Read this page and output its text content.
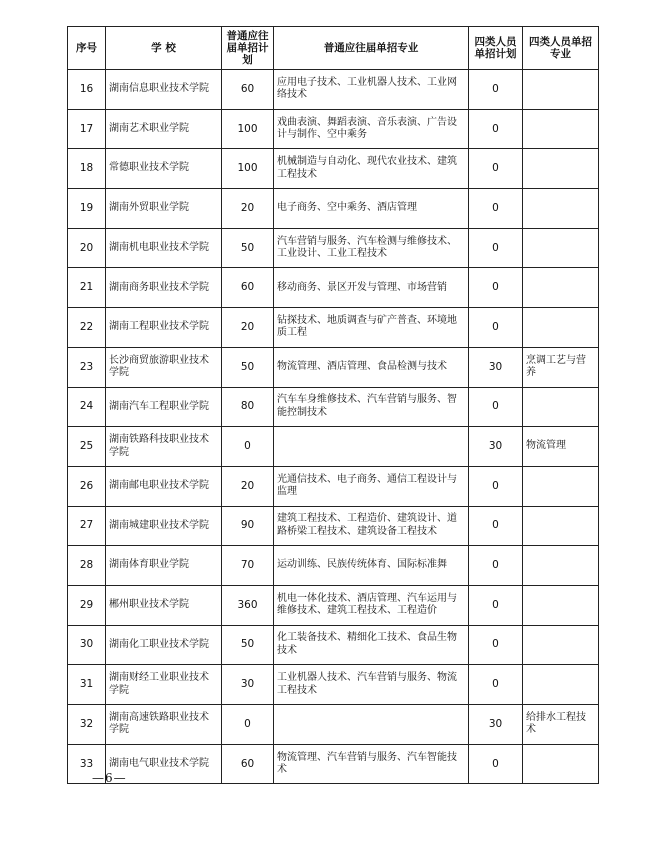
序号	学 校	普通应往届单招计划	普通应往届单招专业	四类人员单招计划	四类人员单招专业
16	湖南信息职业技术学院	60	应用电子技术、工业机器人技术、工业网络技术	0	
17	湖南艺术职业学院	100	戏曲表演、舞蹈表演、音乐表演、广告设计与制作、空中乘务	0	
18	常德职业技术学院	100	机械制造与自动化、现代农业技术、建筑工程技术	0	
19	湖南外贸职业学院	20	电子商务、空中乘务、酒店管理	0	
20	湖南机电职业技术学院	50	汽车营销与服务、汽车检测与维修技术、工业设计、工业工程技术	0	
21	湖南商务职业技术学院	60	移动商务、景区开发与管理、市场营销	0	
22	湖南工程职业技术学院	20	钻探技术、地质调查与矿产普查、环境地质工程	0	
23	长沙商贸旅游职业技术学院	50	物流管理、酒店管理、食品检测与技术	30	烹调工艺与营养
24	湖南汽车工程职业学院	80	汽车车身维修技术、汽车营销与服务、智能控制技术	0	
25	湖南铁路科技职业技术学院	0		30	物流管理
26	湖南邮电职业技术学院	20	光通信技术、电子商务、通信工程设计与监理	0	
27	湖南城建职业技术学院	90	建筑工程技术、工程造价、建筑设计、道路桥梁工程技术、建筑设备工程技术	0	
28	湖南体育职业学院	70	运动训练、民族传统体育、国际标准舞	0	
29	郴州职业技术学院	360	机电一体化技术、酒店管理、汽车运用与维修技术、建筑工程技术、工程造价	0	
30	湖南化工职业技术学院	50	化工装备技术、精细化工技术、食品生物技术	0	
31	湖南财经工业职业技术学院	30	工业机器人技术、汽车营销与服务、物流工程技术	0	
32	湖南高速铁路职业技术学院	0		30	给排水工程技术
33	湖南电气职业技术学院	60	物流管理、汽车营销与服务、汽车智能技术	0	
—6—
